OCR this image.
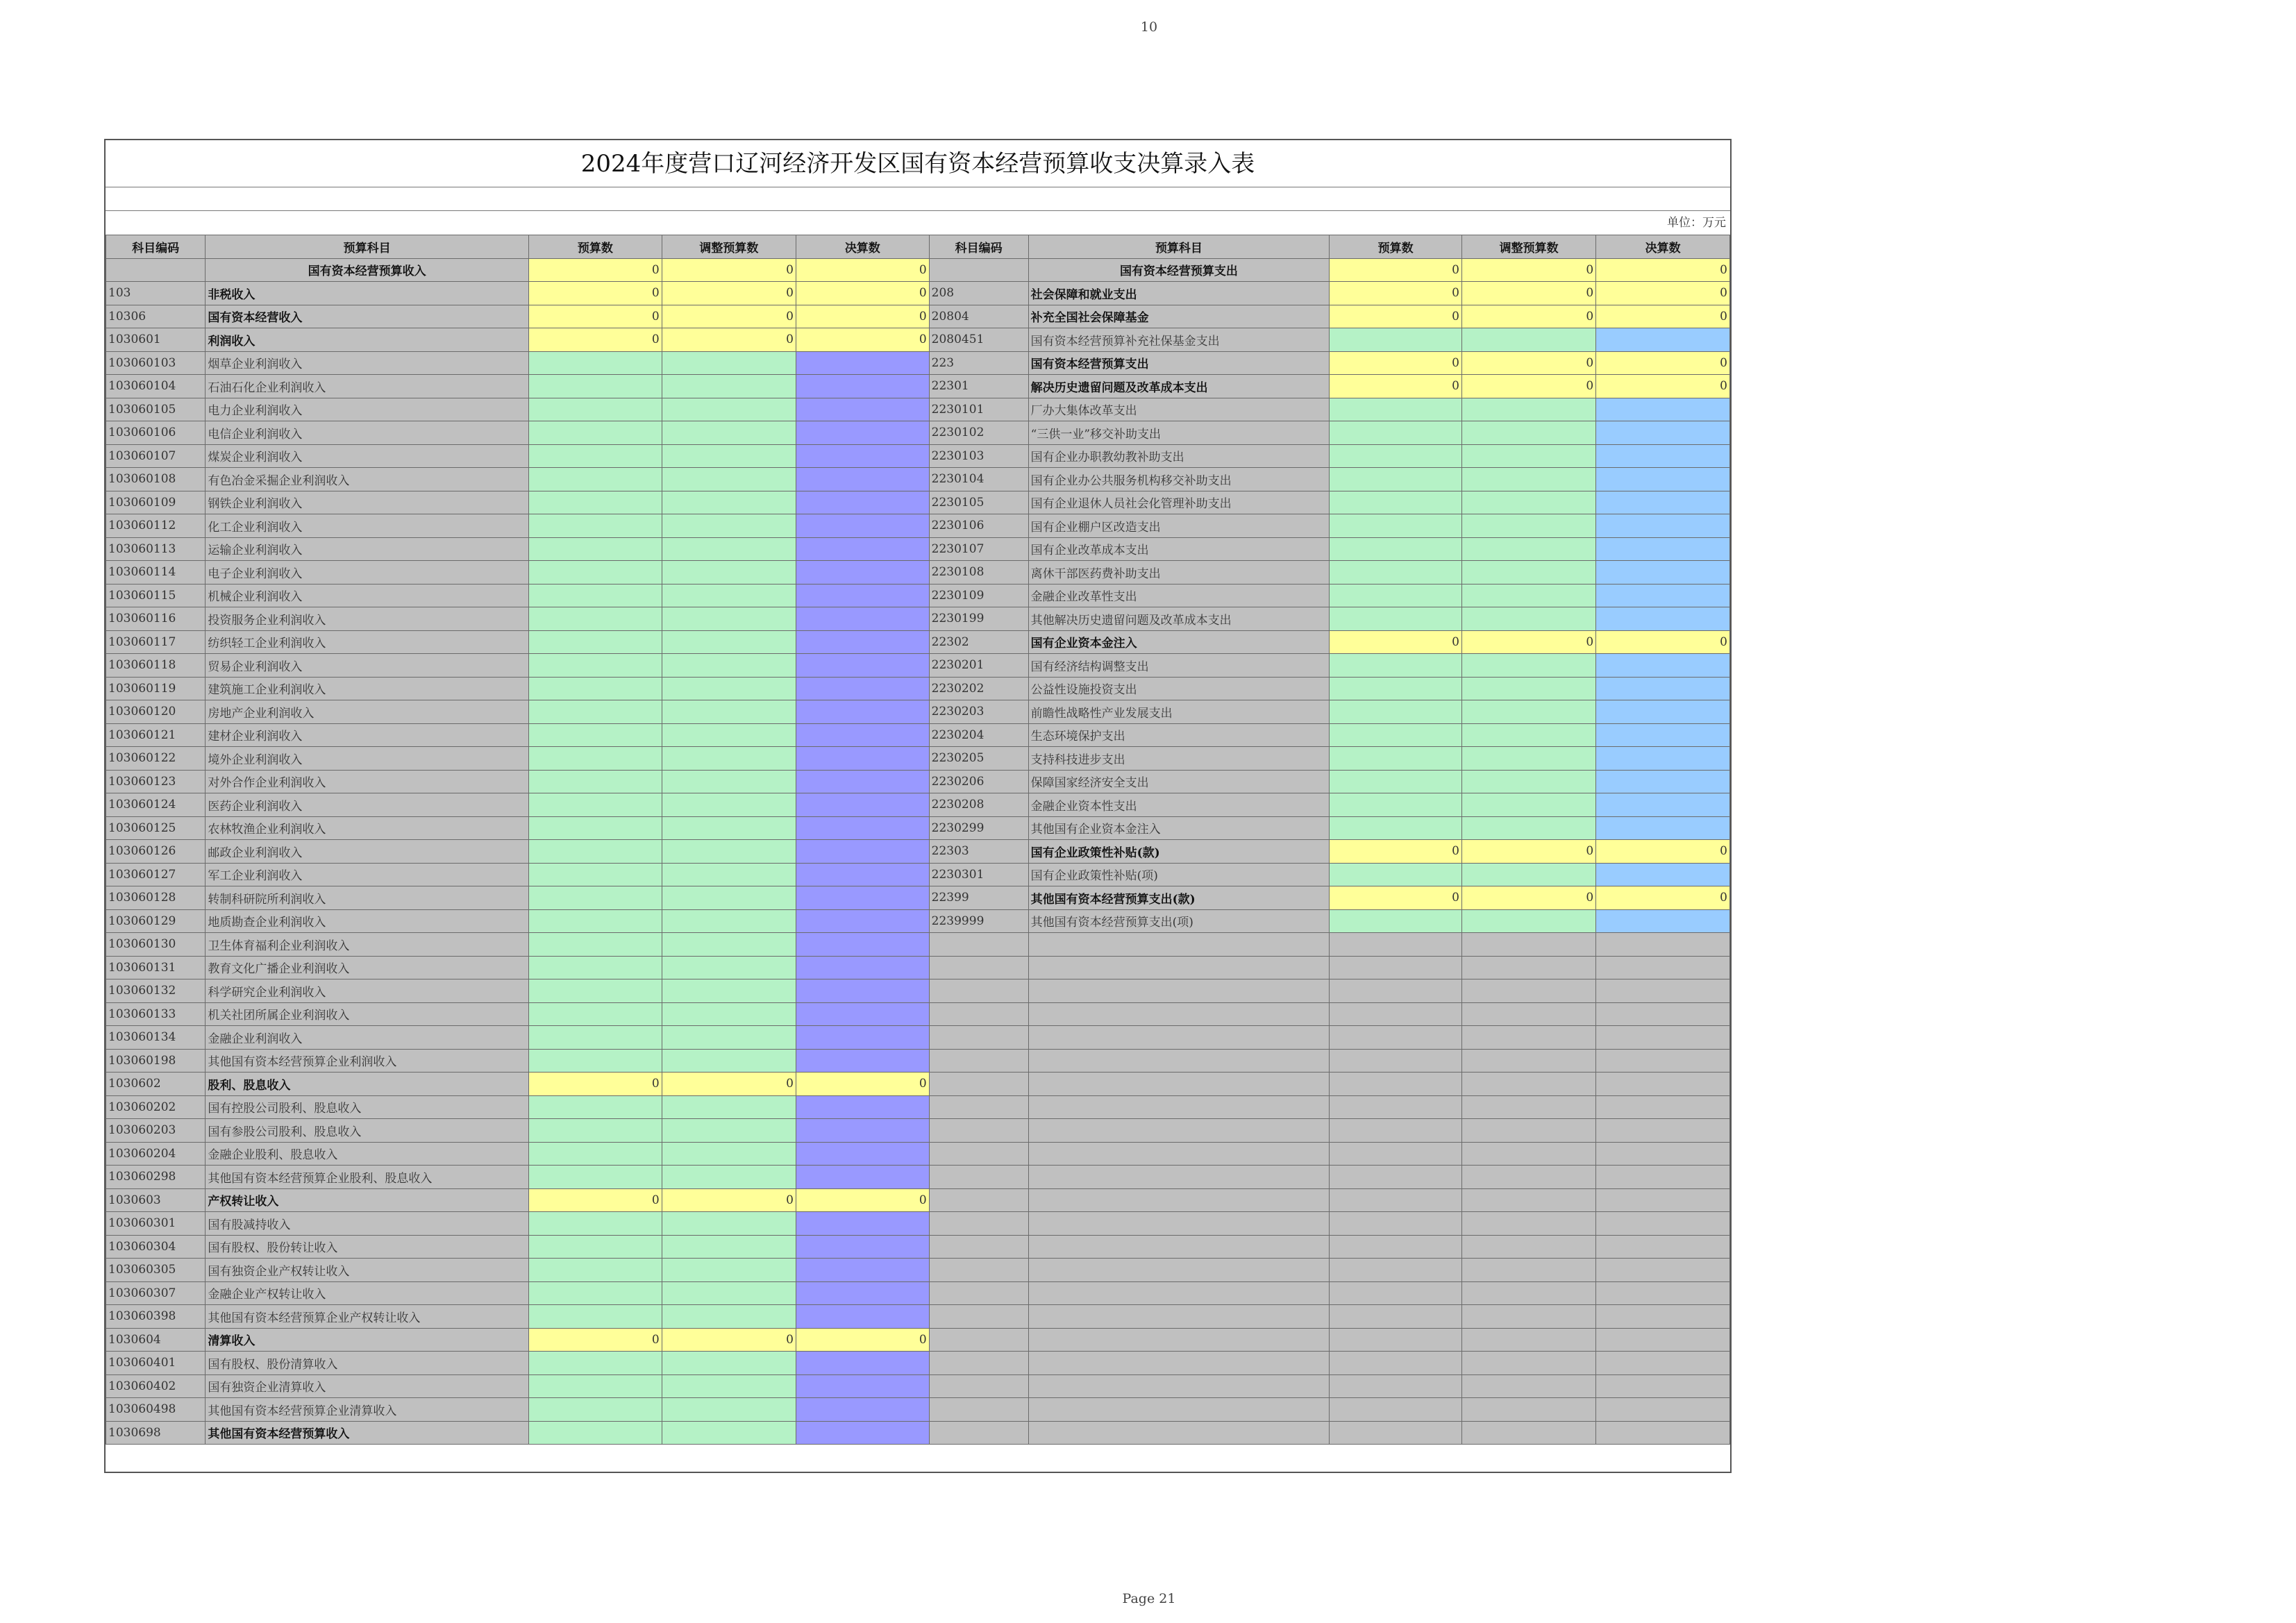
10
2024年度营口辽河经济开发区国有资本经营预算收支决算录入表
单位：万元
科目编码	预算科目	预算数	调整预算数	决算数	科目编码	预算科目	预算数	调整预算数	决算数
	国有资本经营预算收入	0	0	0		国有资本经营预算支出	0	0	0
103	非税收入	0	0	0	208	社会保障和就业支出	0	0	0
10306	国有资本经营收入	0	0	0	20804	补充全国社会保障基金	0	0	0
1030601	利润收入	0	0	0	2080451	国有资本经营预算补充社保基金支出			
103060103	烟草企业利润收入				223	国有资本经营预算支出	0	0	0
103060104	石油石化企业利润收入				22301	解决历史遗留问题及改革成本支出	0	0	0
103060105	电力企业利润收入				2230101	厂办大集体改革支出			
103060106	电信企业利润收入				2230102	“三供一业”移交补助支出			
103060107	煤炭企业利润收入				2230103	国有企业办职教幼教补助支出			
103060108	有色冶金采掘企业利润收入				2230104	国有企业办公共服务机构移交补助支出			
103060109	钢铁企业利润收入				2230105	国有企业退休人员社会化管理补助支出			
103060112	化工企业利润收入				2230106	国有企业棚户区改造支出			
103060113	运输企业利润收入				2230107	国有企业改革成本支出			
103060114	电子企业利润收入				2230108	离休干部医药费补助支出			
103060115	机械企业利润收入				2230109	金融企业改革性支出			
103060116	投资服务企业利润收入				2230199	其他解决历史遗留问题及改革成本支出			
103060117	纺织轻工企业利润收入				22302	国有企业资本金注入	0	0	0
103060118	贸易企业利润收入				2230201	国有经济结构调整支出			
103060119	建筑施工企业利润收入				2230202	公益性设施投资支出			
103060120	房地产企业利润收入				2230203	前瞻性战略性产业发展支出			
103060121	建材企业利润收入				2230204	生态环境保护支出			
103060122	境外企业利润收入				2230205	支持科技进步支出			
103060123	对外合作企业利润收入				2230206	保障国家经济安全支出			
103060124	医药企业利润收入				2230208	金融企业资本性支出			
103060125	农林牧渔企业利润收入				2230299	其他国有企业资本金注入			
103060126	邮政企业利润收入				22303	国有企业政策性补贴(款)	0	0	0
103060127	军工企业利润收入				2230301	国有企业政策性补贴(项)			
103060128	转制科研院所利润收入				22399	其他国有资本经营预算支出(款)	0	0	0
103060129	地质勘查企业利润收入				2239999	其他国有资本经营预算支出(项)			
103060130	卫生体育福利企业利润收入								
103060131	教育文化广播企业利润收入								
103060132	科学研究企业利润收入								
103060133	机关社团所属企业利润收入								
103060134	金融企业利润收入								
103060198	其他国有资本经营预算企业利润收入								
1030602	股利、股息收入	0	0	0					
103060202	国有控股公司股利、股息收入								
103060203	国有参股公司股利、股息收入								
103060204	金融企业股利、股息收入								
103060298	其他国有资本经营预算企业股利、股息收入								
1030603	产权转让收入	0	0	0					
103060301	国有股减持收入								
103060304	国有股权、股份转让收入								
103060305	国有独资企业产权转让收入								
103060307	金融企业产权转让收入								
103060398	其他国有资本经营预算企业产权转让收入								
1030604	清算收入	0	0	0					
103060401	国有股权、股份清算收入								
103060402	国有独资企业清算收入								
103060498	其他国有资本经营预算企业清算收入								
1030698	其他国有资本经营预算收入								
Page 21
